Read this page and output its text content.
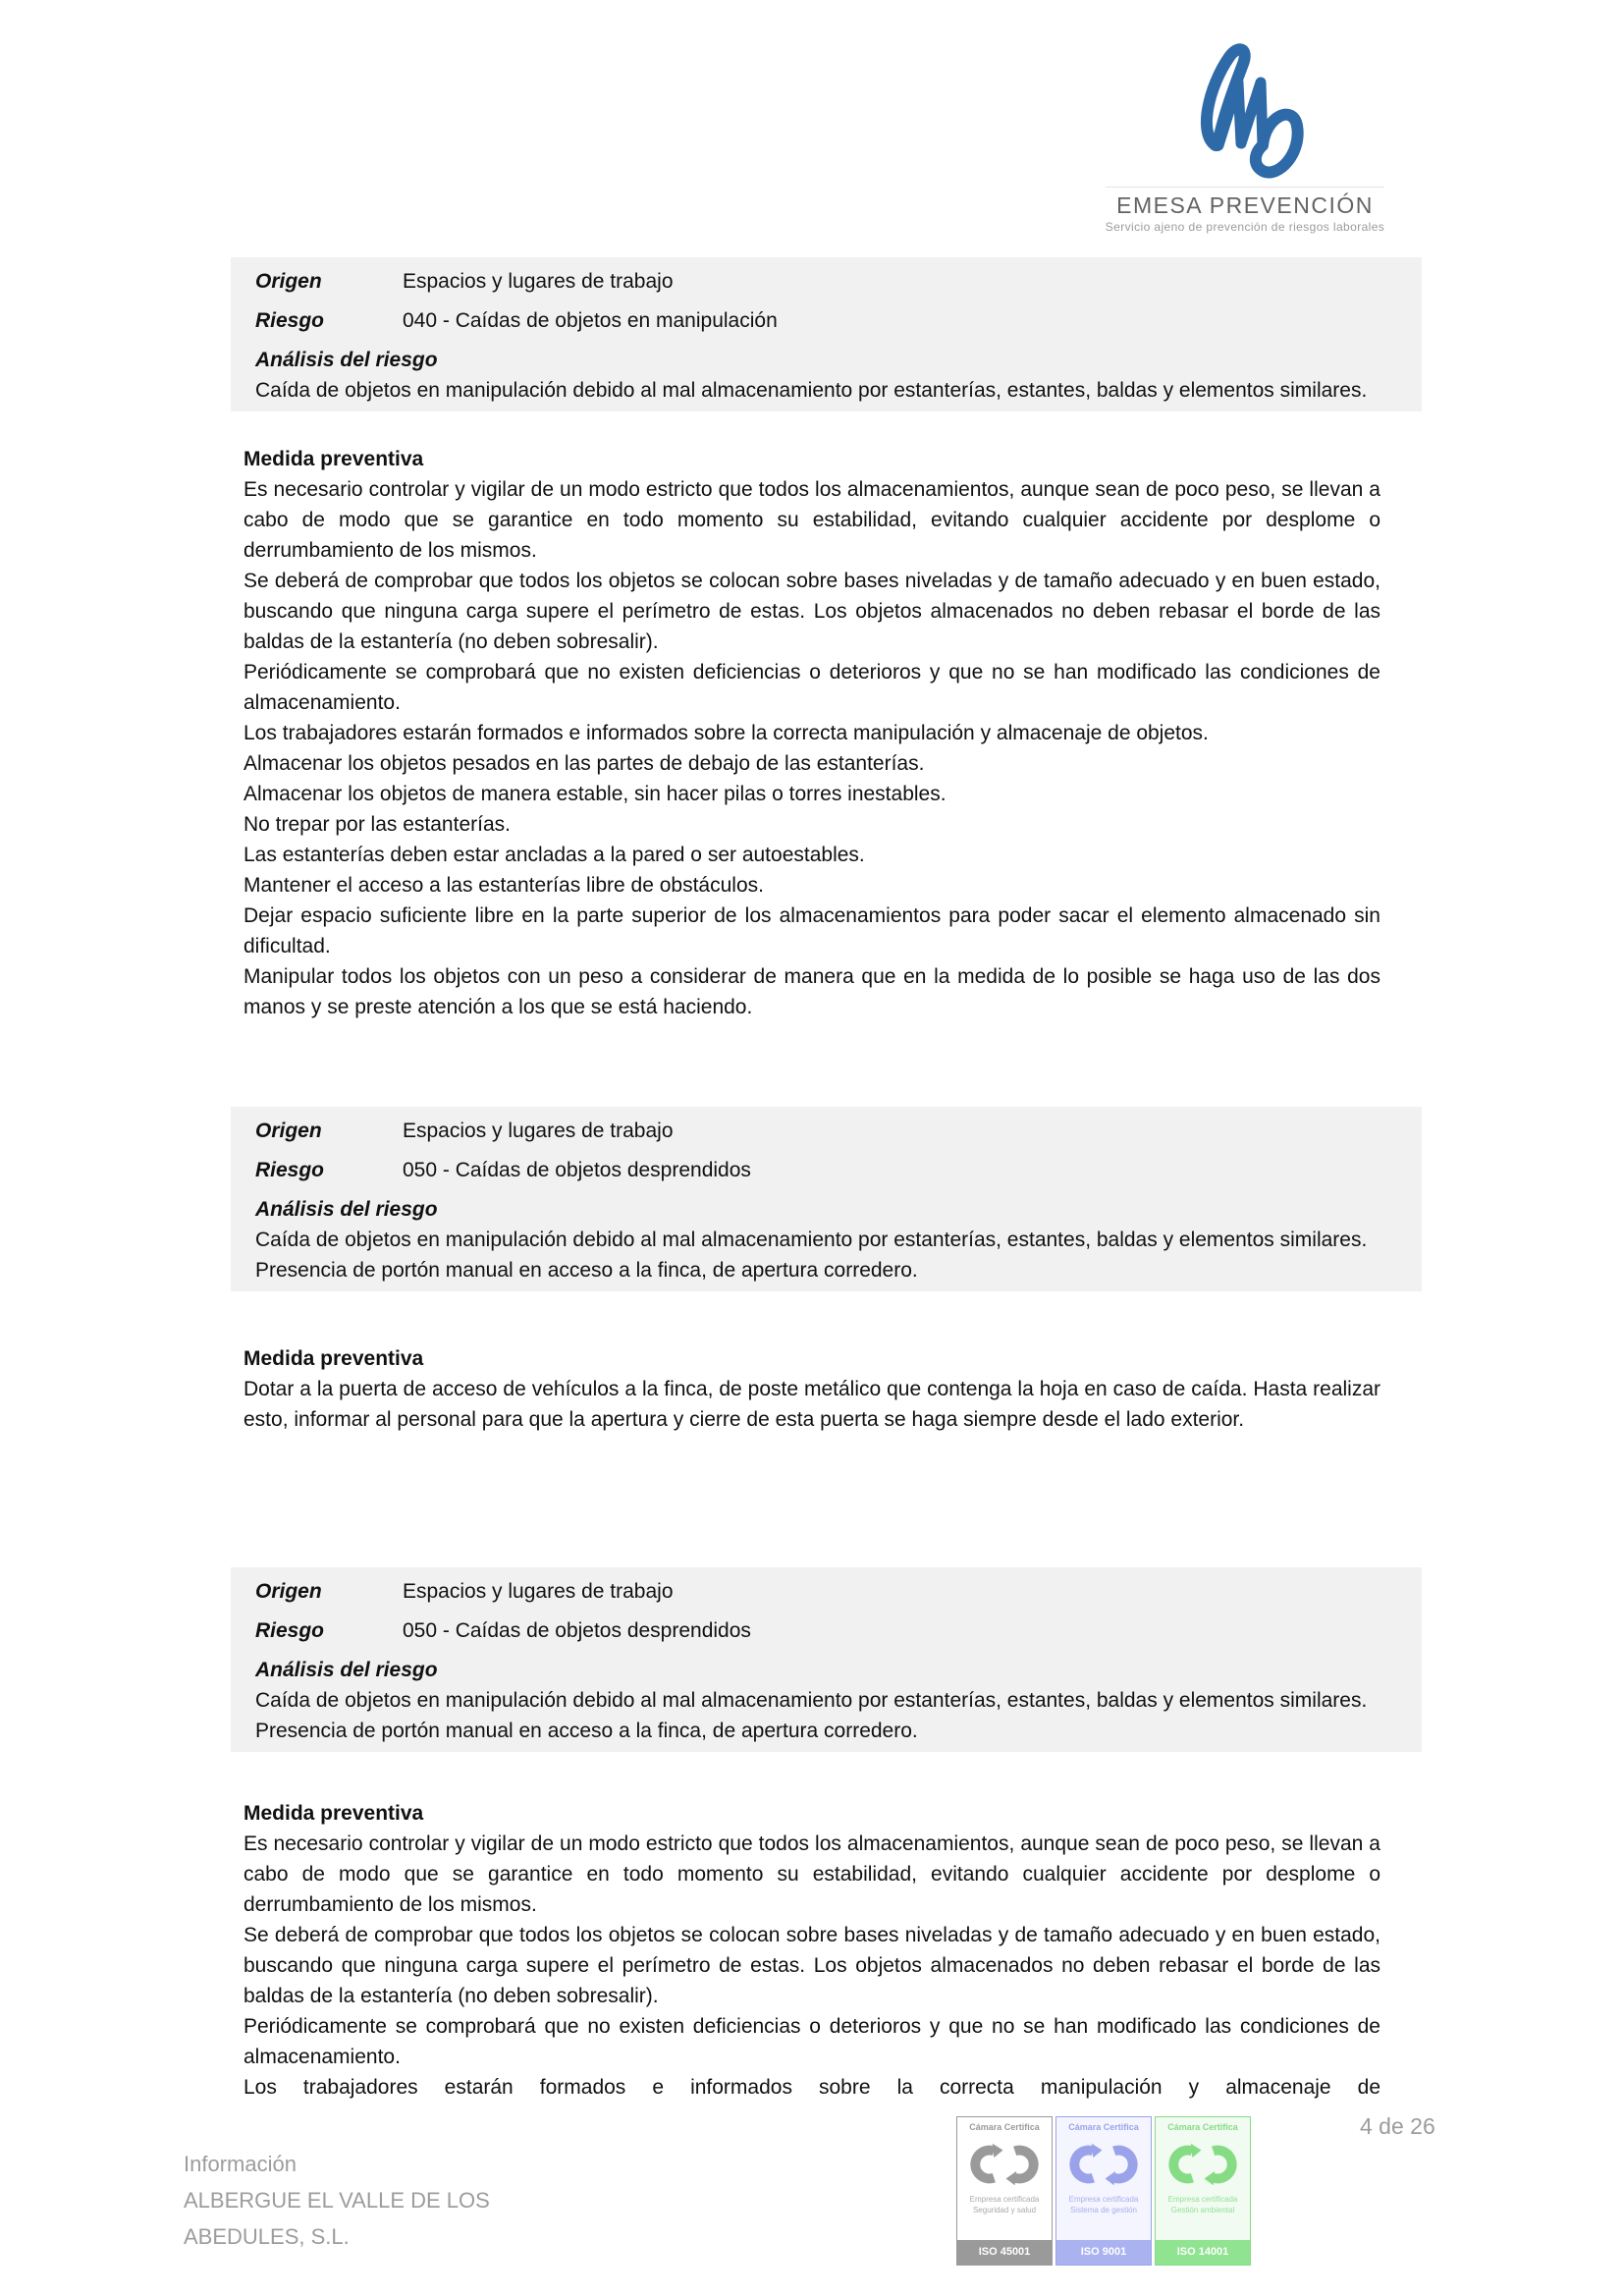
EMESA PREVENCIÓN
Servicio ajeno de prevención de riesgos laborales
Origen	Espacios y lugares de trabajo
Riesgo	040 - Caídas de objetos en manipulación
Análisis del riesgo

Caída de objetos en manipulación debido al mal almacenamiento por estanterías, estantes, baldas y elementos similares.

Medida preventiva

Es necesario controlar y vigilar de un modo estricto que todos los almacenamientos, aunque sean de poco peso, se llevan a cabo de modo que se garantice en todo momento su estabilidad, evitando cualquier accidente por desplome o derrumbamiento de los mismos.

Se deberá de comprobar que todos los objetos se colocan sobre bases niveladas y de tamaño adecuado y en buen estado, buscando que ninguna carga supere el perímetro de estas. Los objetos almacenados no deben rebasar el borde de las baldas de la estantería (no deben sobresalir).

Periódicamente se comprobará que no existen deficiencias o deterioros y que no se han modificado las condiciones de almacenamiento.

Los trabajadores estarán formados e informados sobre la correcta manipulación y almacenaje de objetos.

Almacenar los objetos pesados en las partes de debajo de las estanterías.

Almacenar los objetos de manera estable, sin hacer pilas o torres inestables.

No trepar por las estanterías.

Las estanterías deben estar ancladas a la pared o ser autoestables.

Mantener el acceso a las estanterías libre de obstáculos.

Dejar espacio suficiente libre en la parte superior de los almacenamientos para poder sacar el elemento almacenado sin dificultad.

Manipular todos los objetos con un peso a considerar de manera que en la medida de lo posible se haga uso de las dos manos y se preste atención a los que se está haciendo.

Origen	Espacios y lugares de trabajo
Riesgo	050 - Caídas de objetos desprendidos
Análisis del riesgo

Caída de objetos en manipulación debido al mal almacenamiento por estanterías, estantes, baldas y elementos similares.

Presencia de portón manual en acceso a la finca, de apertura corredero.

Medida preventiva

Dotar a la puerta de acceso de vehículos a la finca, de poste metálico que contenga la hoja en caso de caída. Hasta realizar esto, informar al personal para que la apertura y cierre de esta puerta se haga siempre desde el lado exterior.

Origen	Espacios y lugares de trabajo
Riesgo	050 - Caídas de objetos desprendidos
Análisis del riesgo

Caída de objetos en manipulación debido al mal almacenamiento por estanterías, estantes, baldas y elementos similares.

Presencia de portón manual en acceso a la finca, de apertura corredero.

Medida preventiva

Es necesario controlar y vigilar de un modo estricto que todos los almacenamientos, aunque sean de poco peso, se llevan a cabo de modo que se garantice en todo momento su estabilidad, evitando cualquier accidente por desplome o derrumbamiento de los mismos.

Se deberá de comprobar que todos los objetos se colocan sobre bases niveladas y de tamaño adecuado y en buen estado, buscando que ninguna carga supere el perímetro de estas. Los objetos almacenados no deben rebasar el borde de las baldas de la estantería (no deben sobresalir).

Periódicamente se comprobará que no existen deficiencias o deterioros y que no se han modificado las condiciones de almacenamiento.

Los trabajadores estarán formados e informados sobre la correcta manipulación y almacenaje de

Información
ALBERGUE EL VALLE DE LOS
ABEDULES, S.L.
Cámara Certifica
Empresa certificada
Seguridad y salud
ISO 45001
Cámara Certifica
Empresa certificada
Sistema de gestión
ISO 9001
Cámara Certifica
Empresa certificada
Gestión ambiental
ISO 14001
4 de 26
